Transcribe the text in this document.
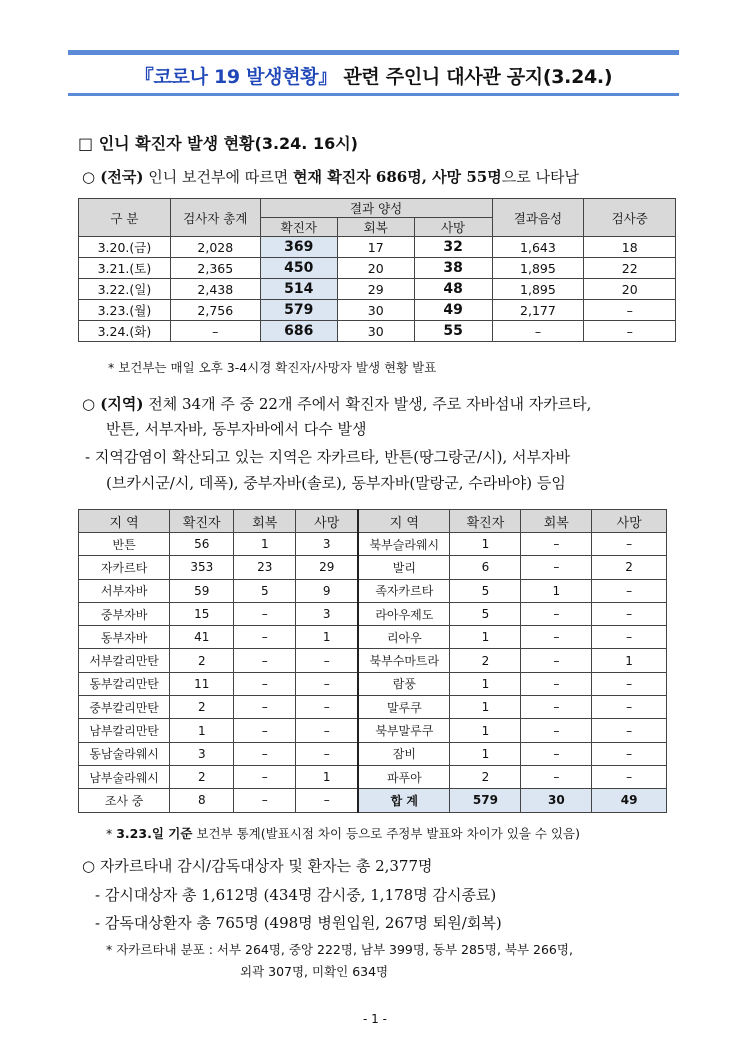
『코로나 19 발생현황』 관련 주인니 대사관 공지(3.24.)
□ 인니 확진자 발생 현황(3.24. 16시)
○ (전국) 인니 보건부에 따르면 현재 확진자 686명, 사망 55명으로 나타남
구 분	검사자 총계	결과 양성			결과음성	검사중
		확진자	회복	사망		
3.20.(금)	2,028	369	17	32	1,643	18
3.21.(토)	2,365	450	20	38	1,895	22
3.22.(일)	2,438	514	29	48	1,895	20
3.23.(월)	2,756	579	30	49	2,177	–
3.24.(화)	–	686	30	55	–	–
* 보건부는 매일 오후 3-4시경 확진자/사망자 발생 현황 발표
○ (지역) 전체 34개 주 중 22개 주에서 확진자 발생, 주로 자바섬내 자카르타,
반튼, 서부자바, 동부자바에서 다수 발생
- 지역감염이 확산되고 있는 지역은 자카르타, 반튼(땅그랑군/시), 서부자바
(브카시군/시, 데폭), 중부자바(솔로), 동부자바(말랑군, 수라바야) 등임
지 역	확진자	회복	사망	지 역	확진자	회복	사망
반튼	56	1	3	북부슬라웨시	1	–	–
자카르타	353	23	29	발리	6	–	2
서부자바	59	5	9	족자카르타	5	1	–
중부자바	15	–	3	라아우제도	5	–	–
동부자바	41	–	1	리아우	1	–	–
서부칼리만탄	2	–	–	북부수마트라	2	–	1
동부칼리만탄	11	–	–	람풍	1	–	–
중부칼리만탄	2	–	–	말루쿠	1	–	–
남부칼리만탄	1	–	–	북부말루쿠	1	–	–
동남술라웨시	3	–	–	잠비	1	–	–
남부술라웨시	2	–	1	파푸아	2	–	–
조사 중	8	–	–	합 계	579	30	49
* 3.23.일 기준 보건부 통계(발표시점 차이 등으로 주정부 발표와 차이가 있을 수 있음)
○ 자카르타내 감시/감독대상자 및 환자는 총 2,377명
- 감시대상자 총 1,612명 (434명 감시중, 1,178명 감시종료)
- 감독대상환자 총 765명 (498명 병원입원, 267명 퇴원/회복)
* 자카르타내 분포 : 서부 264명, 중앙 222명, 남부 399명, 동부 285명, 북부 266명,
외곽 307명, 미확인 634명
- 1 -
